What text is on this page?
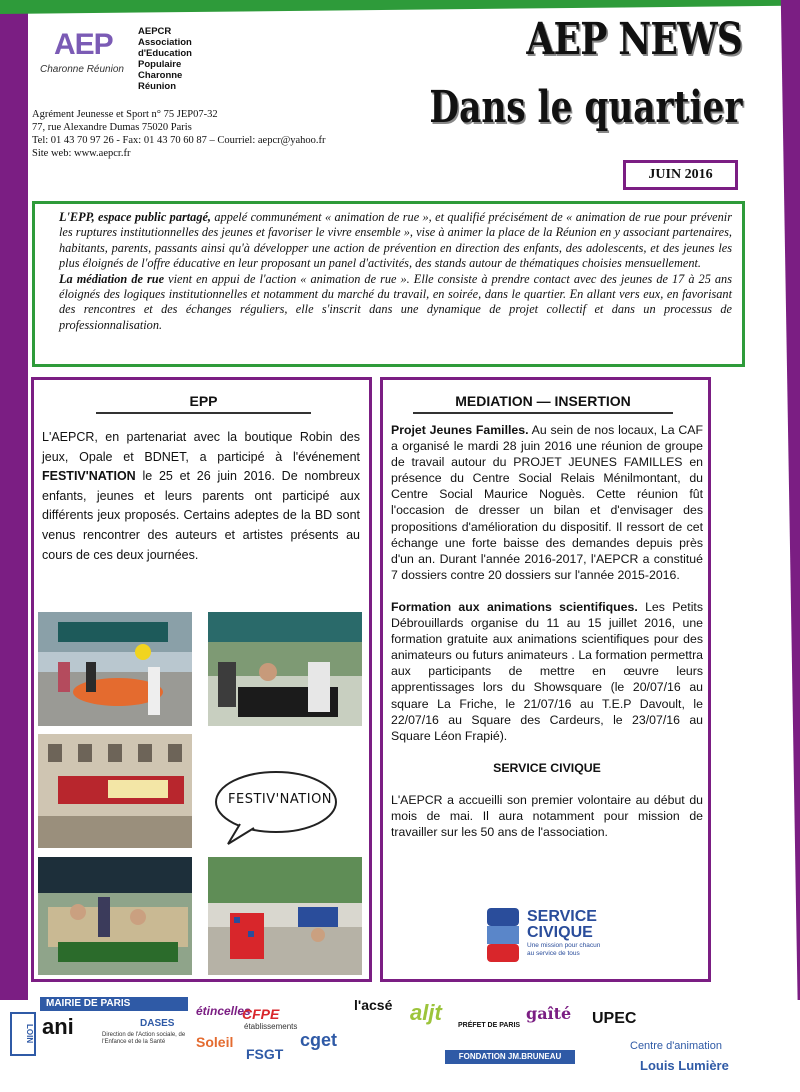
AEP
Charonne Réunion
AEPCR
Association
d'Education
Populaire
Charonne
Réunion
AEP NEWS
Dans le quartier
Agrément Jeunesse et Sport n° 75 JEP07-32
77, rue Alexandre Dumas 75020 Paris
Tel: 01 43 70 97 26 - Fax: 01 43 70 60 87 – Courriel: aepcr@yahoo.fr
Site web: www.aepcr.fr
JUIN 2016

L'EPP, espace public partagé, appelé communément « animation de rue », et qualifié précisément de « animation de rue pour prévenir les ruptures institutionnelles des jeunes et favoriser le vivre ensemble », vise à animer la place de la Réunion en y associant partenaires, habitants, parents, passants ainsi qu'à développer une action de prévention en direction des enfants, des adolescents, et des jeunes les plus éloignés de l'offre éducative en leur proposant un panel d'activités, des stands autour de thématiques choisies mensuellement.

La médiation de rue vient en appui de l'action « animation de rue ». Elle consiste à prendre contact avec des jeunes de 17 à 25 ans éloignés des logiques institutionnelles et notamment du marché du travail, en soirée, dans le quartier. En allant vers eux, en favorisant des rencontres et des échanges réguliers, elle s'inscrit dans une dynamique de projet collectif et dans un processus de professionnalisation.

EPP
L'AEPCR, en partenariat avec la boutique Robin des jeux, Opale et BDNET, a participé à l'événement FESTIV'NATION le 25 et 26 juin 2016. De nombreux enfants, jeunes et leurs parents ont participé aux différents jeux proposés. Certains adeptes de la BD sont venus rencontrer des auteurs et artistes présents au cours de ces deux journées.
FESTIV'NATION
MEDIATION — INSERTION

Projet Jeunes Familles. Au sein de nos locaux, La CAF a organisé le mardi 28 juin 2016 une réunion de groupe de travail autour du PROJET JEUNES FAMILLES en présence du Centre Social Relais Ménilmontant, du Centre Social Maurice Noguès. Cette réunion fût l'occasion de dresser un bilan et d'envisager des propositions d'amélioration du dispositif. Il ressort de cet échange une forte baisse des demandes depuis près d'un an. Durant l'année 2016-2017, l'AEPCR a constitué 7 dossiers contre 20 dossiers sur l'année 2015-2016.

Formation aux animations scientifiques. Les Petits Débrouillards organise du 11 au 15 juillet 2016, une formation gratuite aux animations scientifiques pour des animateurs ou futurs animateurs . La formation permettra aux participants de mettre en œuvre leurs apprentissages lors du Showsquare (le 20/07/16 au square La Friche, le 21/07/16 au T.E.P Davoult, le 22/07/16 au Square des Cardeurs, le 23/07/16 au Square Léon Frapié).

SERVICE CIVIQUE

L'AEPCR a accueilli son premier volontaire au début du mois de mai. Il aura notamment pour mission de travailler sur les 50 ans de l'association.

SERVICE
CIVIQUE
Une mission pour chacun au service de tous
MAIRIE DE PARIS
DASES
Direction de l'Action sociale, de l'Enfance et de la Santé
LOIN ani
étincelles
Soleil
CFPE
établissements
FSGT
cget
l'acsé aljt
PRÉFET DE PARIS
gaîté UPEC
FONDATION JM.BRUNEAU
Centre d'animation
Louis Lumière
